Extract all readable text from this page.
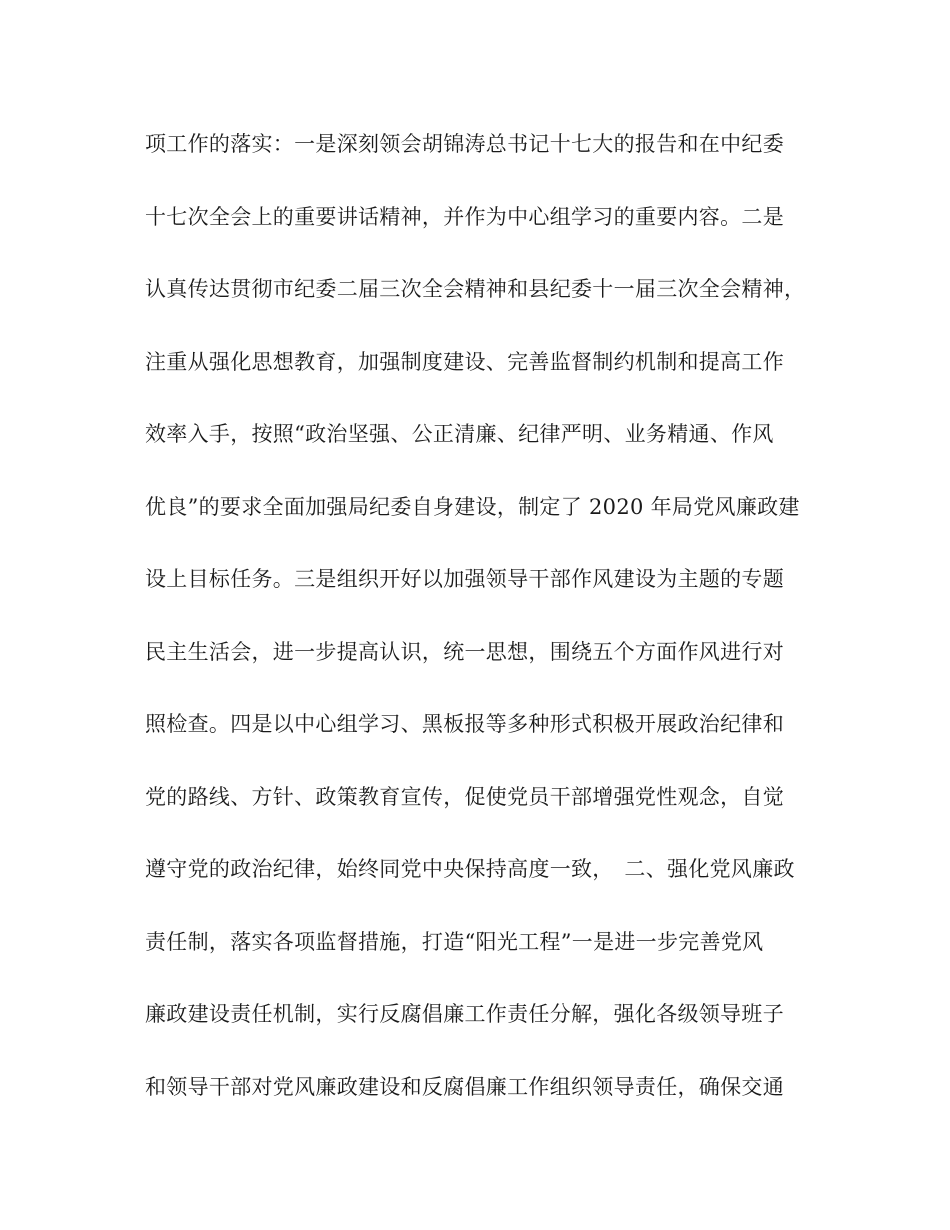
项工作的落实：一是深刻领会胡锦涛总书记十七大的报告和在中纪委
十七次全会上的重要讲话精神，并作为中心组学习的重要内容。二是
认真传达贯彻市纪委二届三次全会精神和县纪委十一届三次全会精神，
注重从强化思想教育，加强制度建设、完善监督制约机制和提高工作
效率入手，按照“政治坚强、公正清廉、纪律严明、业务精通、作风
优良”的要求全面加强局纪委自身建设，制定了 2020 年局党风廉政建
设上目标任务。三是组织开好以加强领导干部作风建设为主题的专题
民主生活会，进一步提高认识，统一思想，围绕五个方面作风进行对
照检查。四是以中心组学习、黑板报等多种形式积极开展政治纪律和
党的路线、方针、政策教育宣传，促使党员干部增强党性观念，自觉
遵守党的政治纪律，始终同党中央保持高度一致，　二、强化党风廉政
责任制，落实各项监督措施，打造“阳光工程”一是进一步完善党风
廉政建设责任机制，实行反腐倡廉工作责任分解，强化各级领导班子
和领导干部对党风廉政建设和反腐倡廉工作组织领导责任，确保交通
